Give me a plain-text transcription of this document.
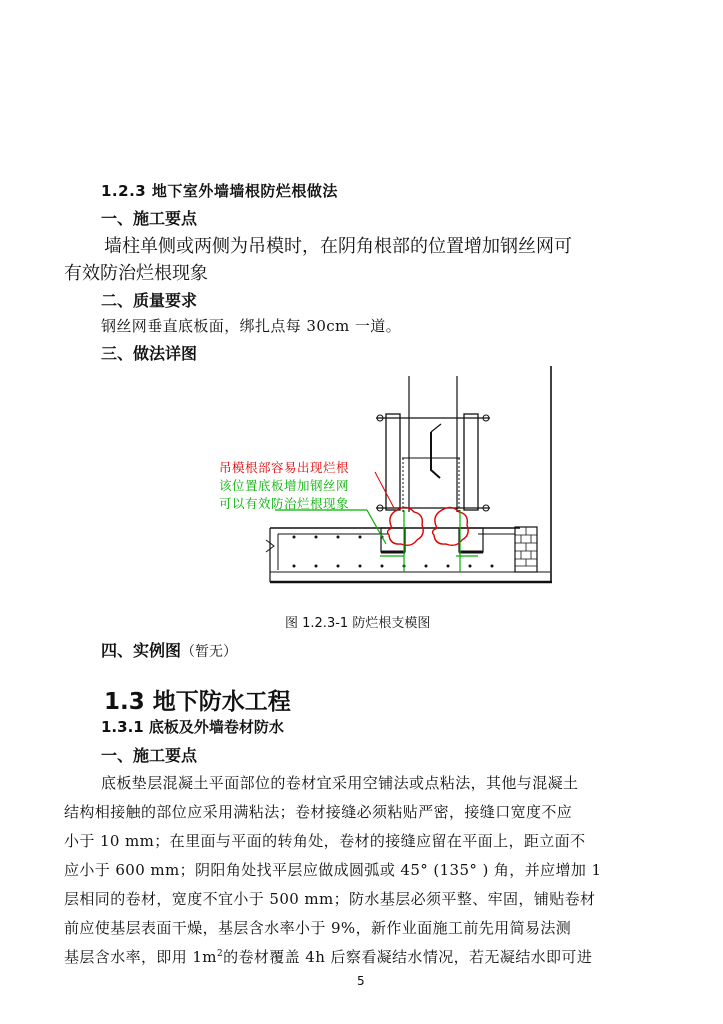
1.2.3 地下室外墙墙根防烂根做法
一、施工要点
墙柱单侧或两侧为吊模时，在阴角根部的位置增加钢丝网可
有效防治烂根现象
二、质量要求
钢丝网垂直底板面，绑扎点每 30cm 一道。
三、做法详图
吊模根部容易出现烂根
该位置底板增加钢丝网
可以有效防治烂根现象
图 1.2.3-1 防烂根支模图
四、实例图（暂无）
1.3 地下防水工程
1.3.1 底板及外墙卷材防水
一、施工要点
底板垫层混凝土平面部位的卷材宜采用空铺法或点粘法，其他与混凝土
结构相接触的部位应采用满粘法；卷材接缝必须粘贴严密，接缝口宽度不应
小于 10 mm；在里面与平面的转角处，卷材的接缝应留在平面上，距立面不
应小于 600 mm；阴阳角处找平层应做成圆弧或 45° (135° ) 角，并应增加 1
层相同的卷材，宽度不宜小于 500 mm；防水基层必须平整、牢固，铺贴卷材
前应使基层表面干燥，基层含水率小于 9%，新作业面施工前先用简易法测
基层含水率，即用 $1m^2$的卷材覆盖 4h 后察看凝结水情况，若无凝结水即可进
5
